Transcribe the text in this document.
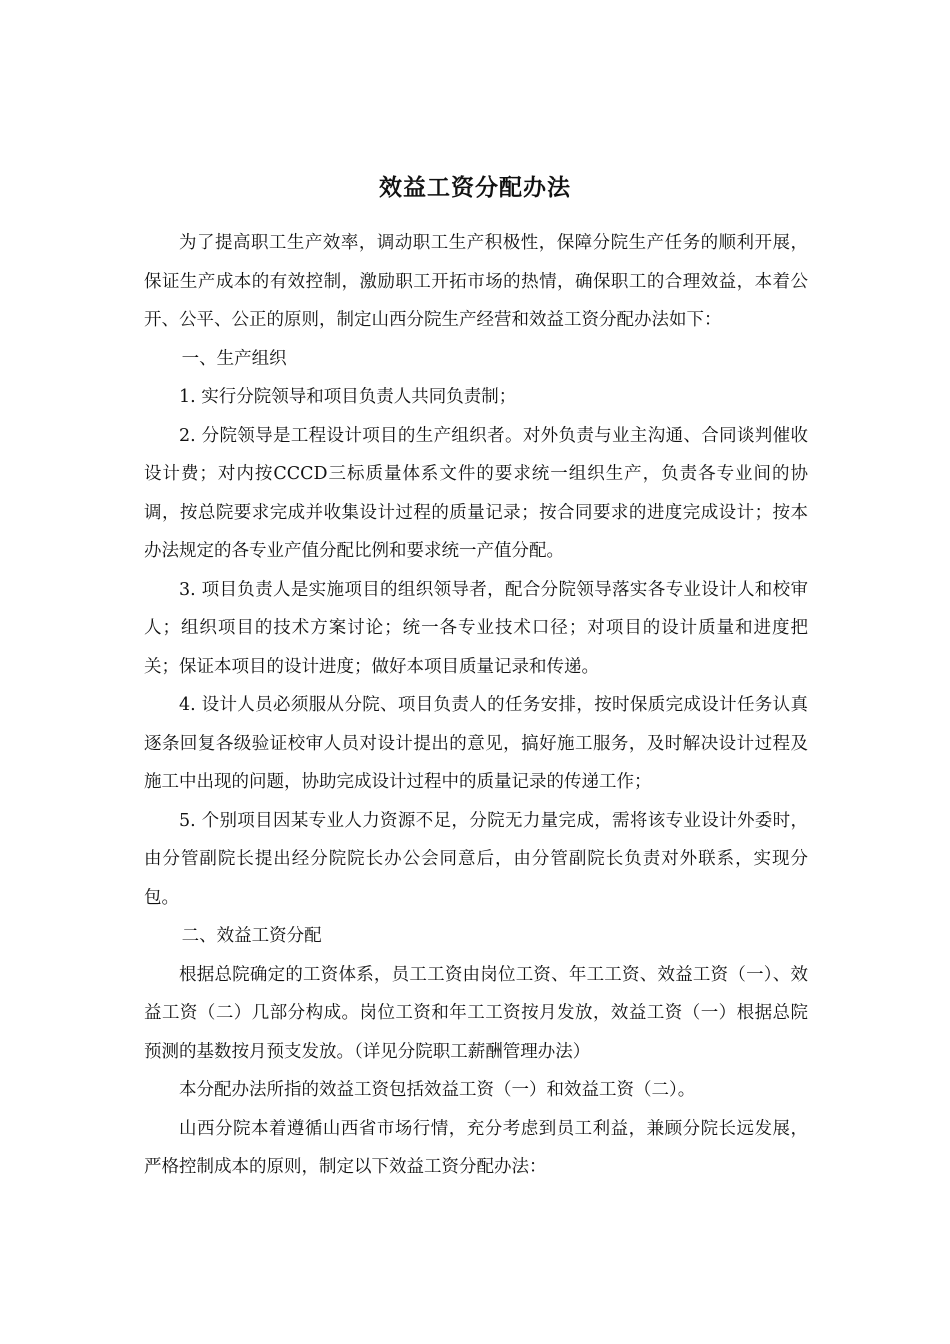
效益工资分配办法

为了提高职工生产效率，调动职工生产积极性，保障分院生产任务的顺利开展，保证生产成本的有效控制，激励职工开拓市场的热情，确保职工的合理效益，本着公开、公平、公正的原则，制定山西分院生产经营和效益工资分配办法如下：

一、生产组织

1. 实行分院领导和项目负责人共同负责制；

2. 分院领导是工程设计项目的生产组织者。对外负责与业主沟通、合同谈判催收设计费；对内按CCCD三标质量体系文件的要求统一组织生产，负责各专业间的协调，按总院要求完成并收集设计过程的质量记录；按合同要求的进度完成设计；按本办法规定的各专业产值分配比例和要求统一产值分配。

3. 项目负责人是实施项目的组织领导者，配合分院领导落实各专业设计人和校审人；组织项目的技术方案讨论；统一各专业技术口径；对项目的设计质量和进度把关；保证本项目的设计进度；做好本项目质量记录和传递。

4. 设计人员必须服从分院、项目负责人的任务安排，按时保质完成设计任务认真逐条回复各级验证校审人员对设计提出的意见，搞好施工服务，及时解决设计过程及施工中出现的问题，协助完成设计过程中的质量记录的传递工作；

5. 个别项目因某专业人力资源不足，分院无力量完成，需将该专业设计外委时，由分管副院长提出经分院院长办公会同意后，由分管副院长负责对外联系，实现分包。

二、效益工资分配

根据总院确定的工资体系，员工工资由岗位工资、年工工资、效益工资（一）、效益工资（二）几部分构成。岗位工资和年工工资按月发放，效益工资（一）根据总院预测的基数按月预支发放。（详见分院职工薪酬管理办法）

本分配办法所指的效益工资包括效益工资（一）和效益工资（二）。

山西分院本着遵循山西省市场行情，充分考虑到员工利益，兼顾分院长远发展，严格控制成本的原则，制定以下效益工资分配办法：
